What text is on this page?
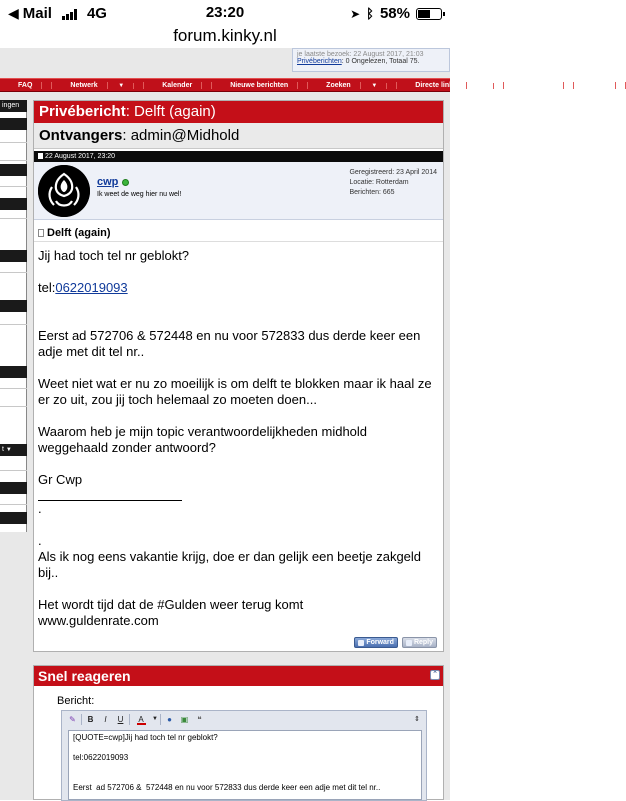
◀ Mail 4G	23:20	➤ ᛒ 58%
forum.kinky.nl
je laatste bezoek: 22 August 2017, 21:03
Privéberichten: 0 Ongelezen, Totaal 75.
FAQ	Netwerk	▼	Kalender	Nieuwe berichten	Zoeken	▼	Directe links	▼	Uitloggen	chat
ingen
t ▼
Privébericht: Delft (again)
Ontvangers: admin@Midhold
22 August 2017, 23:20
cwp
Ik weet de weg hier nu wel!
Geregistreerd: 23 April 2014
Locatie: Rotterdam
Berichten: 665
Delft (again)
Jij had toch tel nr geblokt?
tel:0622019093
Eerst ad 572706 & 572448 en nu voor 572833 dus derde keer een adje met dit tel nr..
Weet niet wat er nu zo moeilijk is om delft te blokken maar ik haal ze er zo uit, zou jij toch helemaal zo moeten doen...
Waarom heb je mijn topic verantwoordelijkheden midhold weggehaald zonder antwoord?
Gr Cwp
.
.
Als ik nog eens vakantie krijg, doe er dan gelijk een beetje zakgeld bij..
Het wordt tijd dat de #Gulden weer terug komt
www.guldenrate.com
Forward	Reply
Snel reageren	⌃
Bericht:
✎	B	I	U	A	▼	●	▣	❝	⇕
[QUOTE=cwp]Jij had toch tel nr geblokt?

tel:0622019093

Eerst  ad 572706 &  572448 en nu voor 572833 dus derde keer een adje met dit tel nr..
